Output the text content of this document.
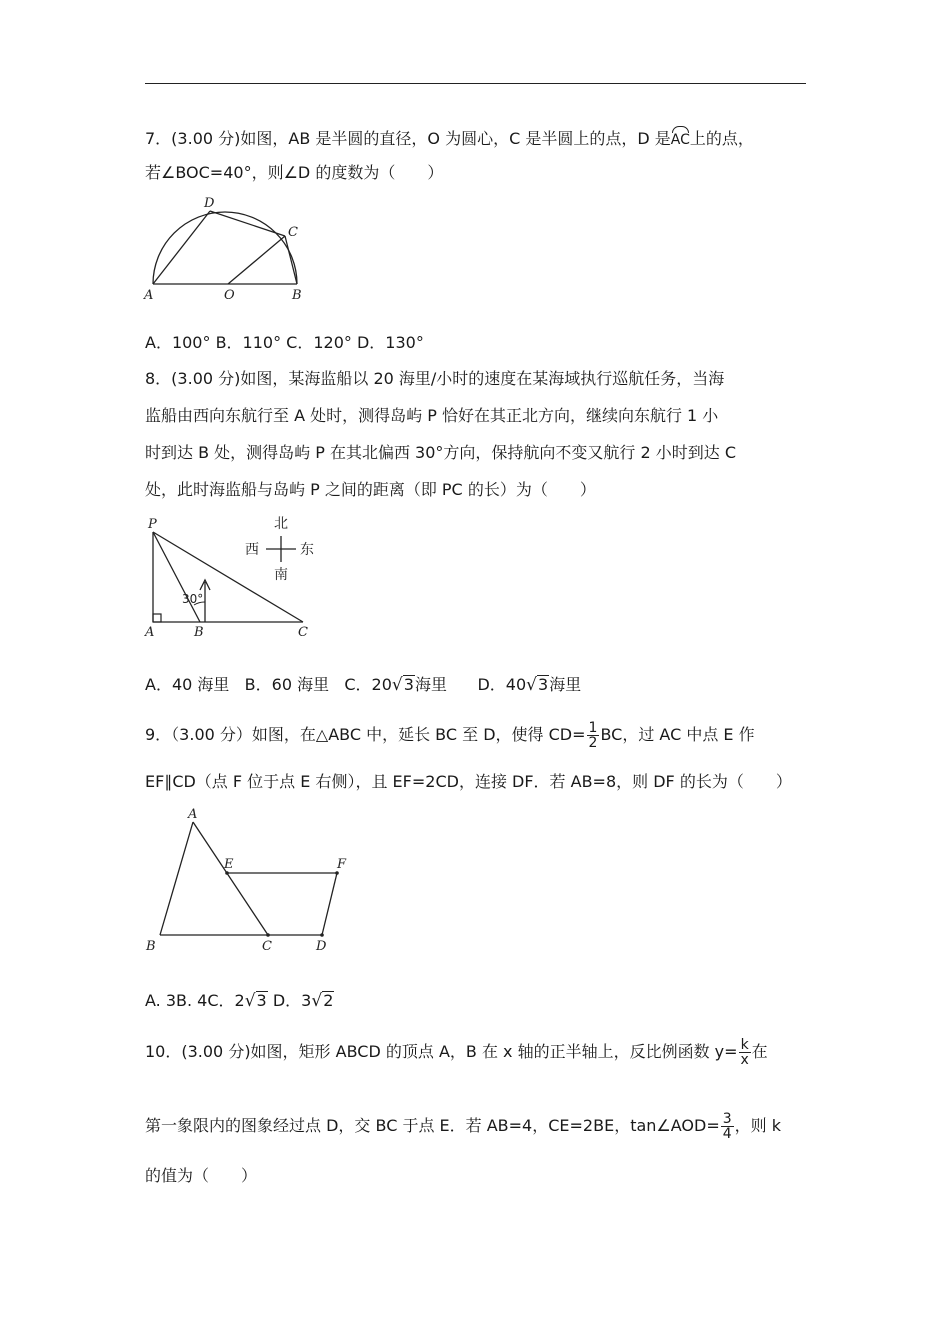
7．(3.00 分)如图，AB 是半圆的直径，O 为圆心，C 是半圆上的点，D 是AC上的点，
若∠BOC=40°，则∠D 的度数为（　　）
D
C
A	O	B
A．100° B．110° C．120° D．130°
8．(3.00 分)如图，某海监船以 20 海里/小时的速度在某海域执行巡航任务，当海
监船由西向东航行至 A 处时，测得岛屿 P 恰好在其正北方向，继续向东航行 1 小
时到达 B 处，测得岛屿 P 在其北偏西 30°方向，保持航向不变又航行 2 小时到达 C
处，此时海监船与岛屿 P 之间的距离（即 PC 的长）为（　　）
30°
P
A	B	C
北
南
西	东
A．40 海里 B．60 海里 C．20√3海里 D．40√3海里
9．（3.00 分）如图，在△ABC 中，延长 BC 至 D，使得 $CD= \frac{1}{2}$ BC，过 AC 中点 E 作
EF∥CD（点 F 位于点 E 右侧），且 EF=2CD，连接 DF．若 AB=8，则 DF 的长为（　　）
A
E	F
B	C	D
A. 3B. 4C．2√3 D．3√2
10．(3.00 分)如图，矩形 ABCD 的顶点 A，B 在 x 轴的正半轴上，反比例函数 $y= \frac{k}{x}$ 在
第一象限内的图象经过点 D，交 BC 于点 E．若 AB=4，CE=2BE，tan∠AOD= $\frac{3}{4}$ ，则 k
的值为（　　）
